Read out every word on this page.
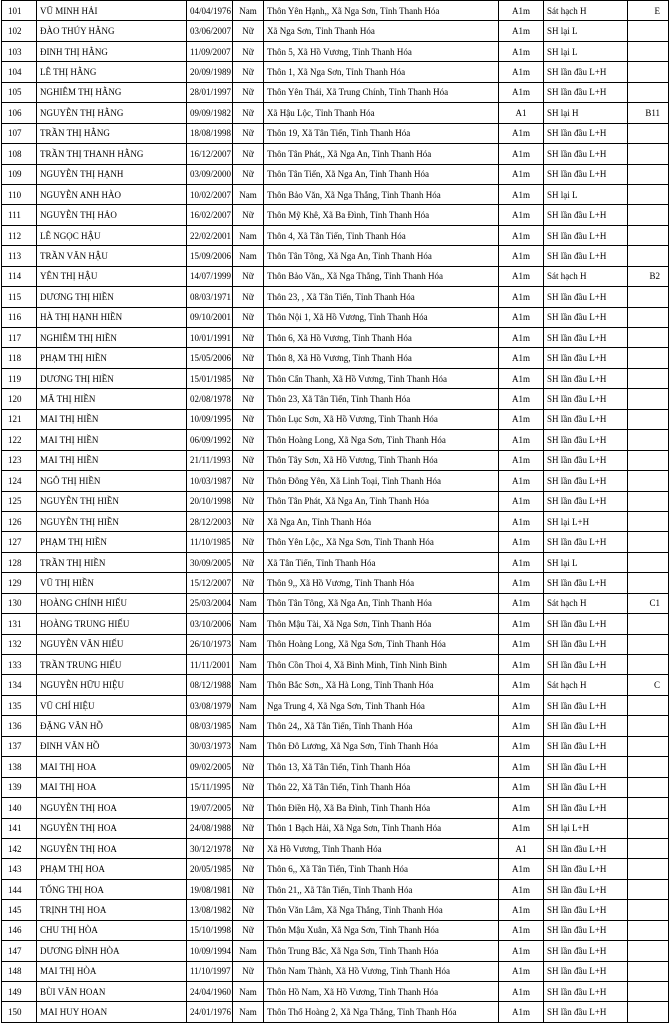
101	VŨ MINH HẢI	04/04/1976	Nam	Thôn Yên Hạnh,, Xã Nga Sơn, Tỉnh Thanh Hóa	A1m	Sát hạch H	E
102	ĐÀO THÚY HẰNG	03/06/2007	Nữ	Xã Nga Sơn, Tỉnh Thanh Hóa	A1m	SH lại L	
103	ĐINH THỊ HẰNG	11/09/2007	Nữ	Thôn 5, Xã Hồ Vương, Tỉnh Thanh Hóa	A1m	SH lại L	
104	LÊ THỊ HẰNG	20/09/1989	Nữ	Thôn 1, Xã Nga Sơn, Tỉnh Thanh Hóa	A1m	SH lần đầu L+H	
105	NGHIÊM THỊ HẰNG	28/01/1997	Nữ	Thôn Yên Thái, Xã Trung Chính, Tỉnh Thanh Hóa	A1m	SH lần đầu L+H	
106	NGUYỄN THỊ HẰNG	09/09/1982	Nữ	Xã Hậu Lộc, Tỉnh Thanh Hóa	A1	SH lại H	B11
107	TRẦN THỊ HẰNG	18/08/1998	Nữ	Thôn 19, Xã Tân Tiến, Tỉnh Thanh Hóa	A1m	SH lần đầu L+H	
108	TRẦN THỊ THANH HẰNG	16/12/2007	Nữ	Thôn Tân Phát,, Xã Nga An, Tỉnh Thanh Hóa	A1m	SH lần đầu L+H	
109	NGUYỄN THỊ HẠNH	03/09/2000	Nữ	Thôn Tân Tiến, Xã Nga An, Tỉnh Thanh Hóa	A1m	SH lần đầu L+H	
110	NGUYỄN ANH HÀO	10/02/2007	Nam	Thôn Bảo Văn, Xã Nga Thắng, Tỉnh Thanh Hóa	A1m	SH lại L	
111	NGUYỄN THỊ HẢO	16/02/2007	Nữ	Thôn Mỹ Khê, Xã Ba Đình, Tỉnh Thanh Hóa	A1m	SH lần đầu L+H	
112	LÊ NGỌC HẬU	22/02/2001	Nam	Thôn 4, Xã Tân Tiến, Tỉnh Thanh Hóa	A1m	SH lần đầu L+H	
113	TRẦN VĂN HẬU	15/09/2006	Nam	Thôn Tân Tông, Xã Nga An, Tỉnh Thanh Hóa	A1m	SH lần đầu L+H	
114	YÊN THỊ HẬU	14/07/1999	Nữ	Thôn Bảo Văn,, Xã Nga Thắng, Tỉnh Thanh Hóa	A1m	Sát hạch H	B2
115	DƯƠNG THỊ HIỀN	08/03/1971	Nữ	Thôn 23, , Xã Tân Tiến, Tỉnh Thanh Hóa	A1m	SH lần đầu L+H	
116	HÀ THỊ HẠNH HIỀN	09/10/2001	Nữ	Thôn Nội 1, Xã Hồ Vương, Tỉnh Thanh Hóa	A1m	SH lần đầu L+H	
117	NGHIÊM THỊ HIỀN	10/01/1991	Nữ	Thôn 6, Xã Hồ Vương, Tỉnh Thanh Hóa	A1m	SH lần đầu L+H	
118	PHẠM THỊ HIỀN	15/05/2006	Nữ	Thôn 8, Xã Hồ Vương, Tỉnh Thanh Hóa	A1m	SH lần đầu L+H	
119	DƯƠNG THỊ HIỀN	15/01/1985	Nữ	Thôn Cẩn Thanh, Xã Hồ Vương, Tỉnh Thanh Hóa	A1m	SH lần đầu L+H	
120	MÃ THỊ HIỀN	02/08/1978	Nữ	Thôn 23, Xã Tân Tiến, Tỉnh Thanh Hóa	A1m	SH lần đầu L+H	
121	MAI THỊ HIỀN	10/09/1995	Nữ	Thôn Lục Sơn, Xã Hồ Vương, Tỉnh Thanh Hóa	A1m	SH lần đầu L+H	
122	MAI THỊ HIỀN	06/09/1992	Nữ	Thôn Hoàng Long, Xã Nga Sơn, Tỉnh Thanh Hóa	A1m	SH lần đầu L+H	
123	MAI THỊ HIỀN	21/11/1993	Nữ	Thôn Tây Sơn, Xã Hồ Vương, Tỉnh Thanh Hóa	A1m	SH lần đầu L+H	
124	NGÔ THỊ HIỀN	10/03/1987	Nữ	Thôn Đông Yên, Xã Linh Toại, Tỉnh Thanh Hóa	A1m	SH lần đầu L+H	
125	NGUYỄN THỊ HIỀN	20/10/1998	Nữ	Thôn Tân Phát, Xã Nga An, Tỉnh Thanh Hóa	A1m	SH lần đầu L+H	
126	NGUYỄN THỊ HIỀN	28/12/2003	Nữ	Xã Nga An, Tỉnh Thanh Hóa	A1m	SH lại L+H	
127	PHẠM THỊ HIỀN	11/10/1985	Nữ	Thôn Yên Lộc,, Xã Nga Sơn, Tỉnh Thanh Hóa	A1m	SH lần đầu L+H	
128	TRẦN THỊ HIỀN	30/09/2005	Nữ	Xã Tân Tiến, Tỉnh Thanh Hóa	A1m	SH lại L	
129	VŨ THỊ HIỀN	15/12/2007	Nữ	Thôn 9,, Xã Hồ Vương, Tỉnh Thanh Hóa	A1m	SH lần đầu L+H	
130	HOÀNG CHÍNH HIẾU	25/03/2004	Nam	Thôn Tân Tông, Xã Nga An, Tỉnh Thanh Hóa	A1m	Sát hạch H	C1
131	HOÀNG TRUNG HIẾU	03/10/2006	Nam	Thôn Mậu Tài, Xã Nga Sơn, Tỉnh Thanh Hóa	A1m	SH lần đầu L+H	
132	NGUYỄN VĂN HIẾU	26/10/1973	Nam	Thôn Hoàng Long, Xã Nga Sơn, Tỉnh Thanh Hóa	A1m	SH lần đầu L+H	
133	TRẦN TRUNG HIẾU	11/11/2001	Nam	Thôn Cồn Thoi 4, Xã Bình Minh, Tỉnh Ninh Bình	A1m	SH lần đầu L+H	
134	NGUYỄN HỮU HIỆU	08/12/1988	Nam	Thôn Bắc Sơn,, Xã Hà Long, Tỉnh Thanh Hóa	A1m	Sát hạch H	C
135	VŨ CHÍ HIỆU	03/08/1979	Nam	Nga Trung 4, Xã Nga Sơn, Tỉnh Thanh Hóa	A1m	SH lần đầu L+H	
136	ĐẶNG VĂN HỒ	08/03/1985	Nam	Thôn 24,, Xã Tân Tiến, Tỉnh Thanh Hóa	A1m	SH lần đầu L+H	
137	ĐINH VĂN HỒ	30/03/1973	Nam	Thôn Đô Lương, Xã Nga Sơn, Tỉnh Thanh Hóa	A1m	SH lần đầu L+H	
138	MAI THỊ HOA	09/02/2005	Nữ	Thôn 13, Xã Tân Tiến, Tỉnh Thanh Hóa	A1m	SH lần đầu L+H	
139	MAI THỊ HOA	15/11/1995	Nữ	Thôn 22, Xã Tân Tiến, Tỉnh Thanh Hóa	A1m	SH lần đầu L+H	
140	NGUYỄN THỊ HOA	19/07/2005	Nữ	Thôn Điền Hộ, Xã Ba Đình, Tỉnh Thanh Hóa	A1m	SH lần đầu L+H	
141	NGUYỄN THỊ HOA	24/08/1988	Nữ	Thôn 1 Bạch Hải, Xã Nga Sơn, Tỉnh Thanh Hóa	A1m	SH lại L+H	
142	NGUYỄN THỊ HOA	30/12/1978	Nữ	Xã Hồ Vương, Tỉnh Thanh Hóa	A1	SH lần đầu L+H	
143	PHẠM THỊ HOA	20/05/1985	Nữ	Thôn 6,, Xã Tân Tiến, Tỉnh Thanh Hóa	A1m	SH lần đầu L+H	
144	TỐNG THỊ HOA	19/08/1981	Nữ	Thôn 21,, Xã Tân Tiến, Tỉnh Thanh Hóa	A1m	SH lần đầu L+H	
145	TRỊNH THỊ HOA	13/08/1982	Nữ	Thôn Văn Lâm, Xã Nga Thắng, Tỉnh Thanh Hóa	A1m	SH lần đầu L+H	
146	CHU THỊ HÒA	15/10/1998	Nữ	Thôn Mậu Xuân, Xã Nga Sơn, Tỉnh Thanh Hóa	A1m	SH lần đầu L+H	
147	DƯƠNG ĐÌNH HÒA	10/09/1994	Nam	Thôn Trung Bắc, Xã Nga Sơn, Tỉnh Thanh Hóa	A1m	SH lần đầu L+H	
148	MAI THỊ HÒA	11/10/1997	Nữ	Thôn Nam Thành, Xã Hồ Vương, Tỉnh Thanh Hóa	A1m	SH lần đầu L+H	
149	BÙI VĂN HOAN	24/04/1960	Nam	Thôn Hồ Nam, Xã Hồ Vương, Tỉnh Thanh Hóa	A1m	SH lần đầu L+H	
150	MAI HUY HOAN	24/01/1976	Nam	Thôn Thổ Hoàng 2, Xã Nga Thắng, Tỉnh Thanh Hóa	A1m	SH lần đầu L+H	
